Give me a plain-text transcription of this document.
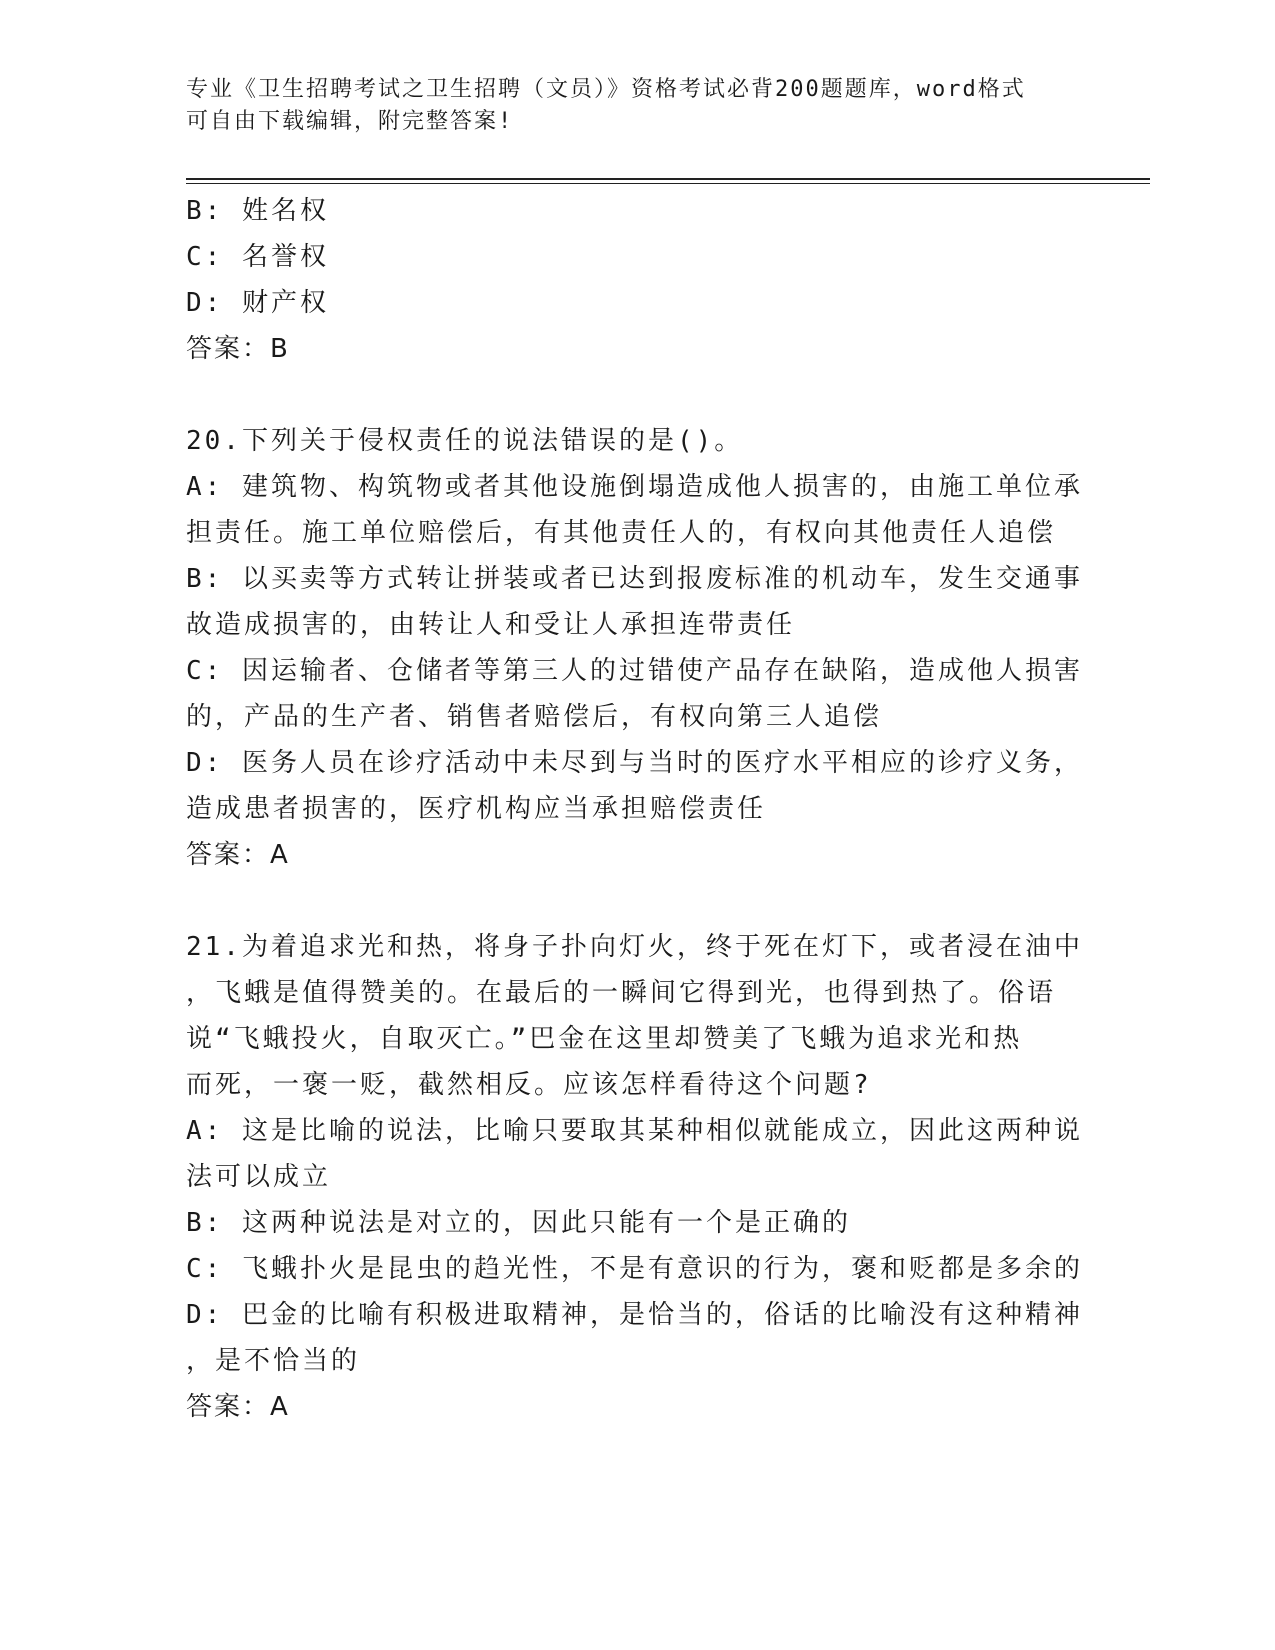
专业《卫生招聘考试之卫生招聘（文员）》资格考试必背200题题库，word格式

可自由下载编辑，附完整答案!

B: 姓名权

C: 名誉权

D: 财产权

答案：B

20.下列关于侵权责任的说法错误的是()。

A: 建筑物、构筑物或者其他设施倒塌造成他人损害的，由施工单位承

担责任。施工单位赔偿后，有其他责任人的，有权向其他责任人追偿

B: 以买卖等方式转让拼装或者已达到报废标准的机动车，发生交通事

故造成损害的，由转让人和受让人承担连带责任

C: 因运输者、仓储者等第三人的过错使产品存在缺陷，造成他人损害

的，产品的生产者、销售者赔偿后，有权向第三人追偿

D: 医务人员在诊疗活动中未尽到与当时的医疗水平相应的诊疗义务，

造成患者损害的，医疗机构应当承担赔偿责任

答案：A

21.为着追求光和热，将身子扑向灯火，终于死在灯下，或者浸在油中

，飞蛾是值得赞美的。在最后的一瞬间它得到光，也得到热了。俗语

说“飞蛾投火，自取灭亡。”巴金在这里却赞美了飞蛾为追求光和热

而死，一褒一贬，截然相反。应该怎样看待这个问题?

A: 这是比喻的说法，比喻只要取其某种相似就能成立，因此这两种说

法可以成立

B: 这两种说法是对立的，因此只能有一个是正确的

C: 飞蛾扑火是昆虫的趋光性，不是有意识的行为，褒和贬都是多余的

D: 巴金的比喻有积极进取精神，是恰当的，俗话的比喻没有这种精神

，是不恰当的

答案：A
